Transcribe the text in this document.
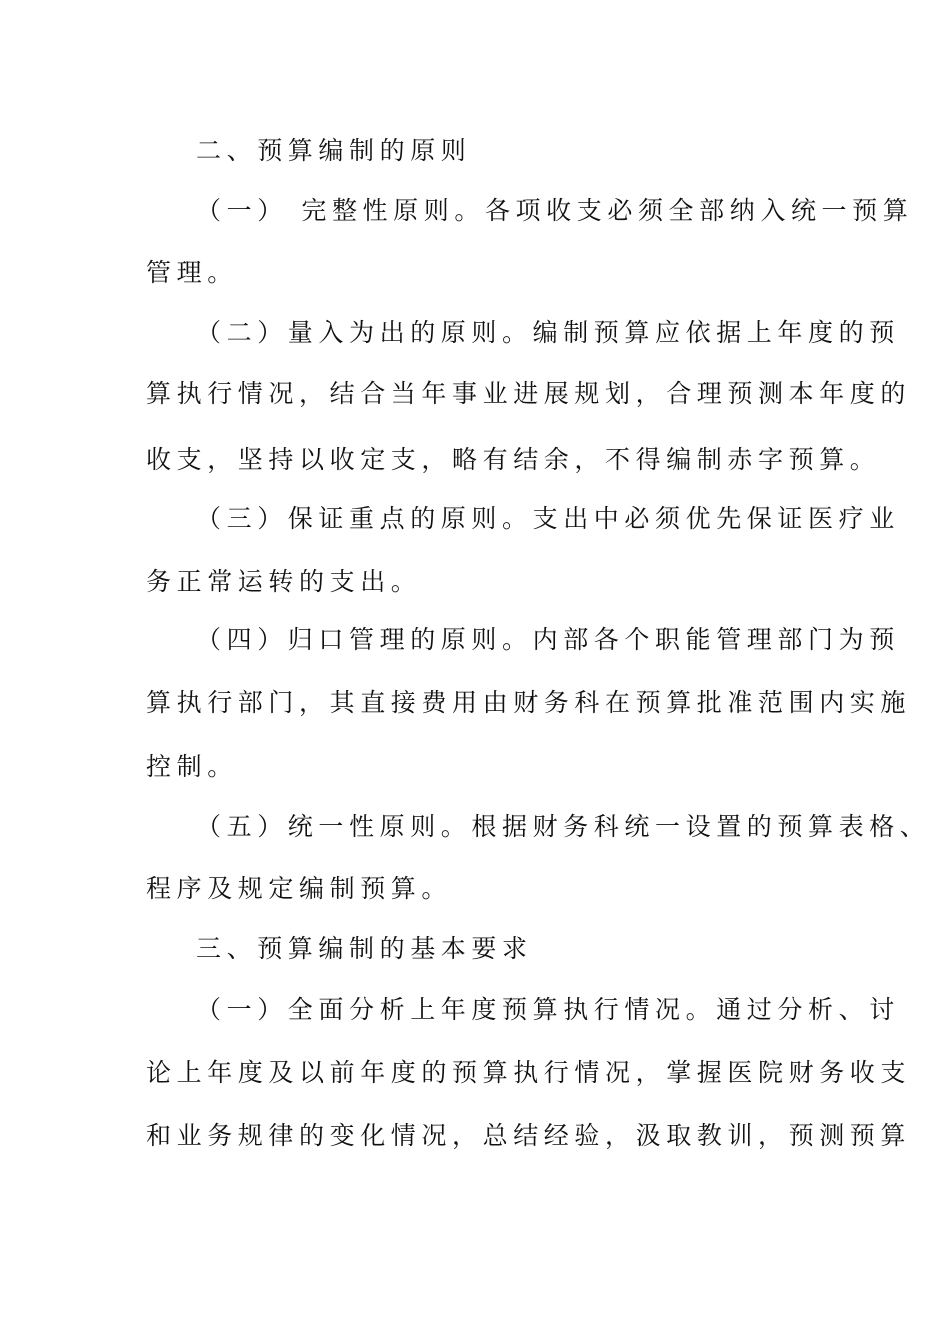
二、预算编制的原则
（一） 完整性原则。各项收支必须全部纳入统一预算
管理。
（二）量入为出的原则。编制预算应依据上年度的预
算执行情况，结合当年事业进展规划，合理预测本年度的
收支，坚持以收定支，略有结余，不得编制赤字预算。
（三）保证重点的原则。支出中必须优先保证医疗业
务正常运转的支出。
（四）归口管理的原则。内部各个职能管理部门为预
算执行部门，其直接费用由财务科在预算批准范围内实施
控制。
（五）统一性原则。根据财务科统一设置的预算表格、
程序及规定编制预算。
三、预算编制的基本要求
（一）全面分析上年度预算执行情况。通过分析、讨
论上年度及以前年度的预算执行情况，掌握医院财务收支
和业务规律的变化情况，总结经验，汲取教训，预测预算
